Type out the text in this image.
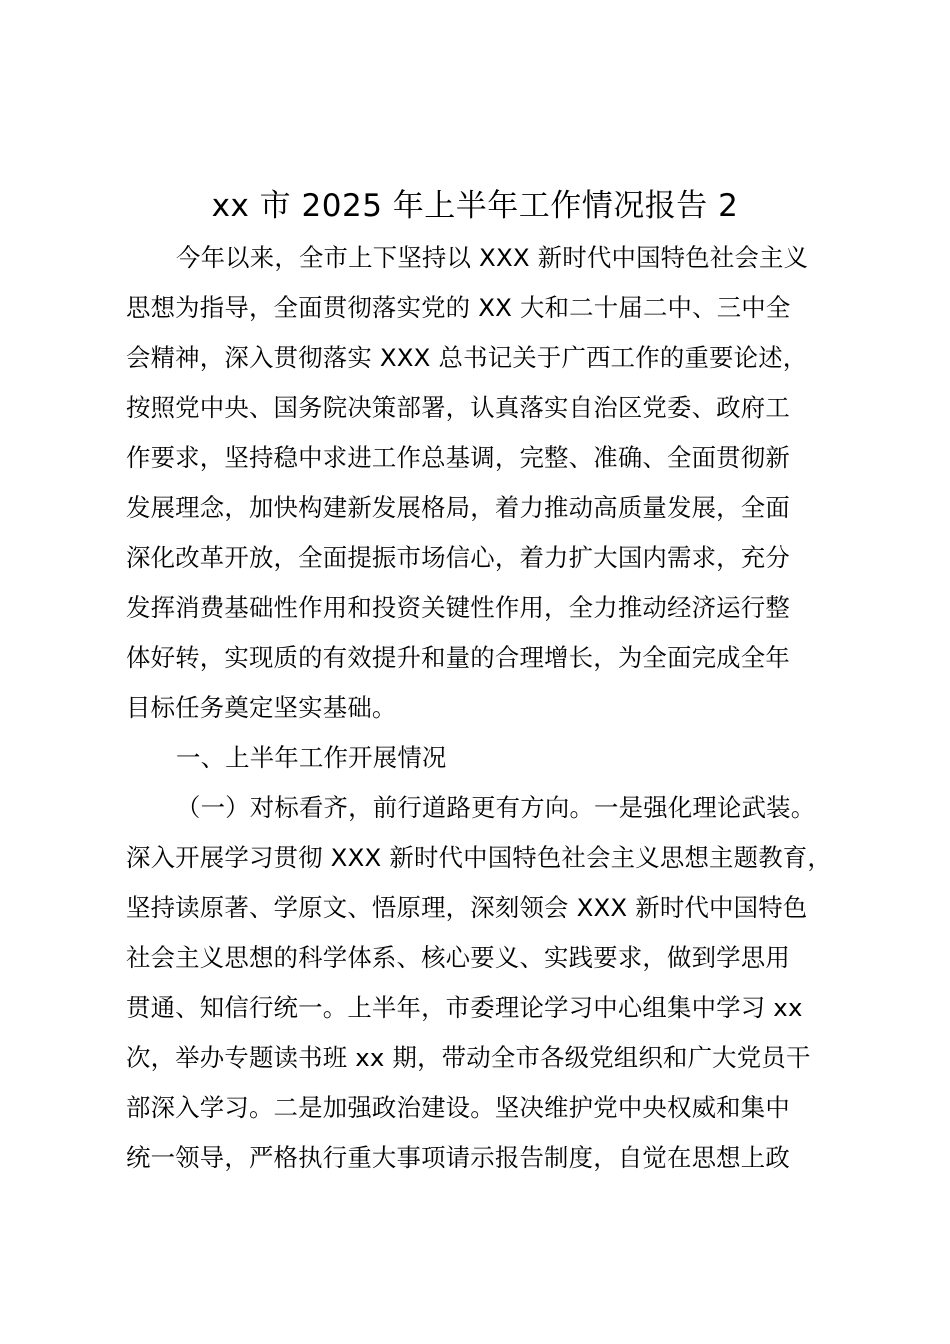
xx 市 2025 年上半年工作情况报告 2
今年以来，全市上下坚持以 XXX 新时代中国特色社会主义
思想为指导，全面贯彻落实党的 XX 大和二十届二中、三中全
会精神，深入贯彻落实 XXX 总书记关于广西工作的重要论述，
按照党中央、国务院决策部署，认真落实自治区党委、政府工
作要求，坚持稳中求进工作总基调，完整、准确、全面贯彻新
发展理念，加快构建新发展格局，着力推动高质量发展，全面
深化改革开放，全面提振市场信心，着力扩大国内需求，充分
发挥消费基础性作用和投资关键性作用，全力推动经济运行整
体好转，实现质的有效提升和量的合理增长，为全面完成全年
目标任务奠定坚实基础。
一、上半年工作开展情况
（一）对标看齐，前行道路更有方向。一是强化理论武装。
深入开展学习贯彻 XXX 新时代中国特色社会主义思想主题教育，
坚持读原著、学原文、悟原理，深刻领会 XXX 新时代中国特色
社会主义思想的科学体系、核心要义、实践要求，做到学思用
贯通、知信行统一。上半年，市委理论学习中心组集中学习 xx
次，举办专题读书班 xx 期，带动全市各级党组织和广大党员干
部深入学习。二是加强政治建设。坚决维护党中央权威和集中
统一领导，严格执行重大事项请示报告制度，自觉在思想上政
